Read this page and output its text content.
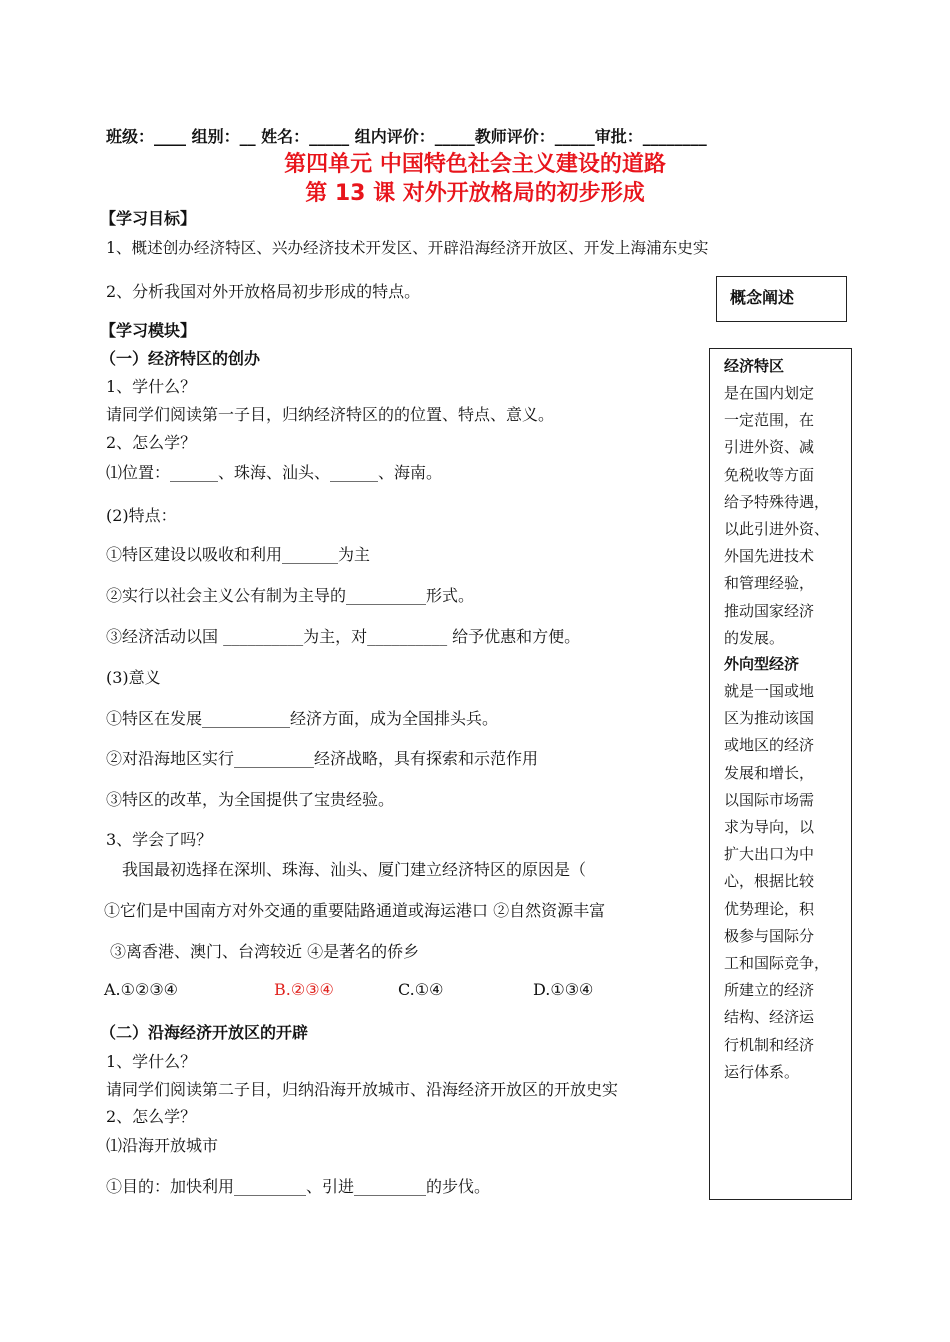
班级：____ 组别：__ 姓名：_____ 组内评价：_____教师评价：_____审批：________
第四单元 中国特色社会主义建设的道路
第 13 课 对外开放格局的初步形成
【学习目标】
1、概述创办经济特区、兴办经济技术开发区、开辟沿海经济开放区、开发上海浦东史实
2、分析我国对外开放格局初步形成的特点。
【学习模块】
（一）经济特区的创办
1、学什么？
请同学们阅读第一子目，归纳经济特区的的位置、特点、意义。
2、怎么学？
⑴位置：______、珠海、汕头、______、海南。
(2)特点：
①特区建设以吸收和利用_______为主
②实行以社会主义公有制为主导的__________形式。
③经济活动以国 __________为主，对__________ 给予优惠和方便。
(3)意义
①特区在发展___________经济方面，成为全国排头兵。
②对沿海地区实行__________经济战略，具有探索和示范作用
③特区的改革，为全国提供了宝贵经验。
3、学会了吗？
我国最初选择在深圳、珠海、汕头、厦门建立经济特区的原因是（
①它们是中国南方对外交通的重要陆路通道或海运港口 ②自然资源丰富
③离香港、澳门、台湾较近 ④是著名的侨乡
A.①②③④	B.②③④	C.①④	D.①③④
（二）沿海经济开放区的开辟
1、学什么？
请同学们阅读第二子目，归纳沿海开放城市、沿海经济开放区的开放史实
2、怎么学？
⑴沿海开放城市
①目的：加快利用_________、引进_________的步伐。
概念阐述
经济特区
是在国内划定
一定范围，在
引进外资、减
免税收等方面
给予特殊待遇，
以此引进外资、
外国先进技术
和管理经验，
推动国家经济
的发展。
外向型经济
就是一国或地
区为推动该国
或地区的经济
发展和增长，
以国际市场需
求为导向，以
扩大出口为中
心，根据比较
优势理论，积
极参与国际分
工和国际竞争，
所建立的经济
结构、经济运
行机制和经济
运行体系。
